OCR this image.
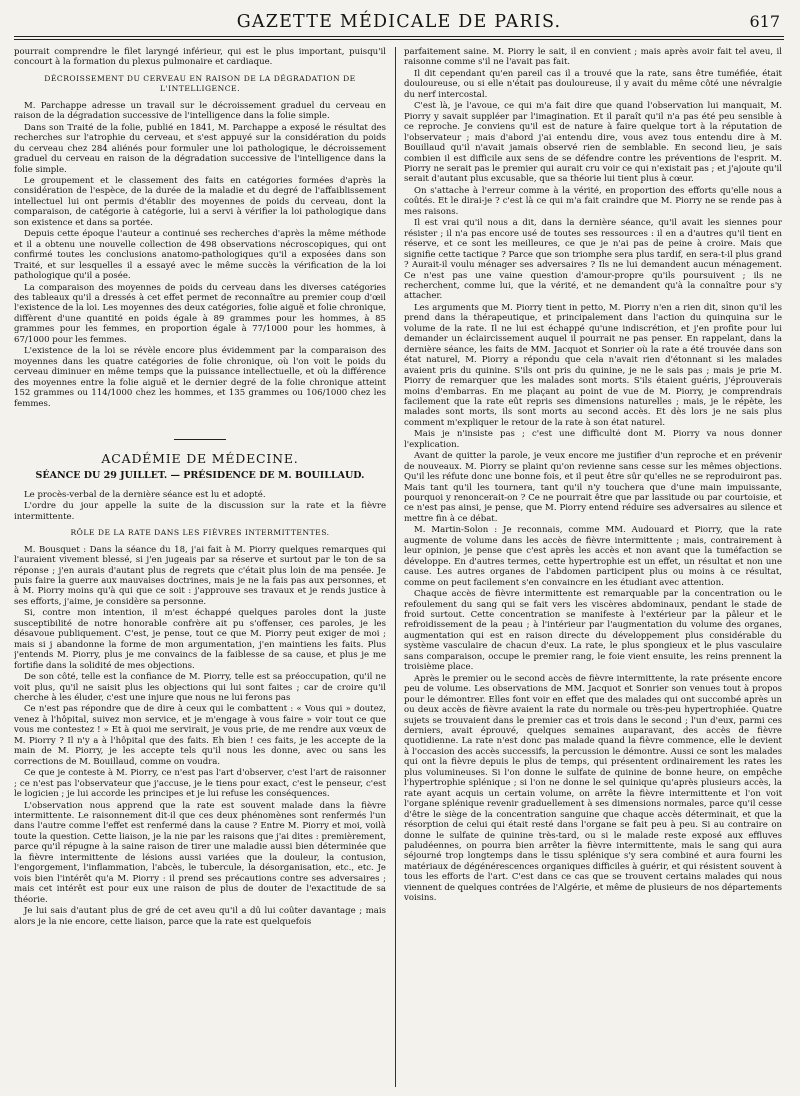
GAZETTE MÉDICALE DE PARIS.	617

pourrait comprendre le filet laryngé inférieur, qui est le plus important, puisqu'il concourt à la formation du plexus pulmonaire et cardiaque.

DÉCROISSEMENT DU CERVEAU EN RAISON DE LA DÉGRADATION DE L'INTELLIGENCE.

M. Parchappe adresse un travail sur le décroissement graduel du cerveau en raison de la dégradation successive de l'intelligence dans la folie simple.

Dans son Traité de la folie, publié en 1841, M. Parchappe a exposé le résultat des recherches sur l'atrophie du cerveau, et s'est appuyé sur la considération du poids du cerveau chez 284 aliénés pour formuler une loi pathologique, le décroissement graduel du cerveau en raison de la dégradation successive de l'intelligence dans la folie simple.

Le groupement et le classement des faits en catégories formées d'après la considération de l'espèce, de la durée de la maladie et du degré de l'affaiblissement intellectuel lui ont permis d'établir des moyennes de poids du cerveau, dont la comparaison, de catégorie à catégorie, lui a servi à vérifier la loi pathologique dans son existence et dans sa portée.

Depuis cette époque l'auteur a continué ses recherches d'après la même méthode et il a obtenu une nouvelle collection de 498 observations nécroscopiques, qui ont confirmé toutes les conclusions anatomo-pathologiques qu'il a exposées dans son Traité, et sur lesquelles il a essayé avec le même succès la vérification de la loi pathologique qu'il a posée.

La comparaison des moyennes de poids du cerveau dans les diverses catégories des tableaux qu'il a dressés à cet effet permet de reconnaître au premier coup d'œil l'existence de la loi. Les moyennes des deux catégories, folie aiguë et folie chronique, diffèrent d'une quantité en poids égale à 89 grammes pour les hommes, à 85 grammes pour les femmes, en proportion égale à 77/1000 pour les hommes, à 67/1000 pour les femmes.

L'existence de la loi se révèle encore plus évidemment par la comparaison des moyennes dans les quatre catégories de folie chronique, où l'on voit le poids du cerveau diminuer en même temps que la puissance intellectuelle, et où la différence des moyennes entre la folie aiguë et le dernier degré de la folie chronique atteint 152 grammes ou 114/1000 chez les hommes, et 135 grammes ou 106/1000 chez les femmes.

ACADÉMIE DE MÉDECINE.

SÉANCE DU 29 JUILLET. — PRÉSIDENCE DE M. BOUILLAUD.

Le procès-verbal de la dernière séance est lu et adopté.

L'ordre du jour appelle la suite de la discussion sur la rate et la fièvre intermittente.

RÔLE DE LA RATE DANS LES FIÈVRES INTERMITTENTES.

M. Bousquet : Dans la séance du 18, j'ai fait à M. Piorry quelques remarques qui l'auraient vivement blessé, si j'en jugeais par sa réserve et surtout par le ton de sa réponse ; j'en aurais d'autant plus de regrets que c'était plus loin de ma pensée. Je puis faire la guerre aux mauvaises doctrines, mais je ne la fais pas aux personnes, et à M. Piorry moins qu'à qui que ce soit : j'approuve ses travaux et je rends justice à ses efforts, j'aime, je considère sa personne.

Si, contre mon intention, il m'est échappé quelques paroles dont la juste susceptibilité de notre honorable confrère ait pu s'offenser, ces paroles, je les désavoue publiquement. C'est, je pense, tout ce que M. Piorry peut exiger de moi ; mais si j abandonne la forme de mon argumentation, j'en maintiens les faits. Plus j'entends M. Piorry, plus je me convaincs de la faiblesse de sa cause, et plus je me fortifie dans la solidité de mes objections.

De son côté, telle est la confiance de M. Piorry, telle est sa préoccupation, qu'il ne voit plus, qu'il ne saisit plus les objections qui lui sont faites ; car de croire qu'il cherche à les éluder, c'est une injure que nous ne lui ferons pas

Ce n'est pas répondre que de dire à ceux qui le combattent : « Vous qui » doutez, venez à l'hôpital, suivez mon service, et je m'engage à vous faire » voir tout ce que vous me contestez ! » Et à quoi me servirait, je vous prie, de me rendre aux vœux de M. Piorry ? Il n'y a à l'hôpital que des faits. Eh bien ! ces faits, je les accepte de la main de M. Piorry, je les accepte tels qu'il nous les donne, avec ou sans les corrections de M. Bouillaud, comme on voudra.

Ce que je conteste à M. Piorry, ce n'est pas l'art d'observer, c'est l'art de raisonner ; ce n'est pas l'observateur que j'accuse, je le tiens pour exact, c'est le penseur, c'est le logicien ; je lui accorde les principes et je lui refuse les conséquences.

L'observation nous apprend que la rate est souvent malade dans la fièvre intermittente. Le raisonnement dit-il que ces deux phénomènes sont renfermés l'un dans l'autre comme l'effet est renfermé dans la cause ? Entre M. Piorry et moi, voilà toute la question. Cette liaison, je la nie par les raisons que j'ai dites : premièrement, parce qu'il répugne à la saine raison de tirer une maladie aussi bien déterminée que la fièvre intermittente de lésions aussi variées que la douleur, la contusion, l'engorgement, l'inflammation, l'abcès, le tubercule, la désorganisation, etc., etc. Je vois bien l'intérêt qu'a M. Piorry : il prend ses précautions contre ses adversaires ; mais cet intérêt est pour eux une raison de plus de douter de l'exactitude de sa théorie.

Je lui sais d'autant plus de gré de cet aveu qu'il a dû lui coûter davantage ; mais alors je la nie encore, cette liaison, parce que la rate est quelquefois

parfaitement saine. M. Piorry le sait, il en convient ; mais après avoir fait tel aveu, il raisonne comme s'il ne l'avait pas fait.

Il dit cependant qu'en pareil cas il a trouvé que la rate, sans être tuméfiée, était douloureuse, ou si elle n'était pas douloureuse, il y avait du même côté une névralgie du nerf intercostal.

C'est là, je l'avoue, ce qui m'a fait dire que quand l'observation lui manquait, M. Piorry y savait suppléer par l'imagination. Et il paraît qu'il n'a pas été peu sensible à ce reproche. Je conviens qu'il est de nature à faire quelque tort à la réputation de l'observateur ; mais d'abord j'ai entendu dire, vous avez tous entendu dire à M. Bouillaud qu'il n'avait jamais observé rien de semblable. En second lieu, je sais combien il est difficile aux sens de se défendre contre les préventions de l'esprit. M. Piorry ne serait pas le premier qui aurait cru voir ce qui n'existait pas ; et j'ajoute qu'il serait d'autant plus excusable, que sa théorie lui tient plus à cœur.

On s'attache à l'erreur comme à la vérité, en proportion des efforts qu'elle nous a coûtés. Et le dirai-je ? c'est là ce qui m'a fait craindre que M. Piorry ne se rende pas à mes raisons.

Il est vrai qu'il nous a dit, dans la dernière séance, qu'il avait les siennes pour résister ; il n'a pas encore usé de toutes ses ressources : il en a d'autres qu'il tient en réserve, et ce sont les meilleures, ce que je n'ai pas de peine à croire. Mais que signifie cette tactique ? Parce que son triomphe sera plus tardif, en sera-t-il plus grand ? Aurait-il voulu ménager ses adversaires ? Ils ne lui demandent aucun ménagement. Ce n'est pas une vaine question d'amour-propre qu'ils poursuivent ; ils ne recherchent, comme lui, que la vérité, et ne demandent qu'à la connaître pour s'y attacher.

Les arguments que M. Piorry tient in petto, M. Piorry n'en a rien dit, sinon qu'il les prend dans la thérapeutique, et principalement dans l'action du quinquina sur le volume de la rate. Il ne lui est échappé qu'une indiscrétion, et j'en profite pour lui demander un éclaircissement auquel il pourrait ne pas penser. En rappelant, dans la dernière séance, les faits de MM. Jacquot et Sonrier où la rate a été trouvée dans son état naturel, M. Piorry a répondu que cela n'avait rien d'étonnant si les malades avaient pris du quinine. S'ils ont pris du quinine, je ne le sais pas ; mais je prie M. Piorry de remarquer que les malades sont morts. S'ils étaient guéris, j'éprouverais moins d'embarras. En me plaçant au point de vue de M. Piorry, je comprendrais facilement que la rate eût repris ses dimensions naturelles ; mais, je le répète, les malades sont morts, ils sont morts au second accès. Et dès lors je ne sais plus comment m'expliquer le retour de la rate à son état naturel.

Mais je n'insiste pas ; c'est une difficulté dont M. Piorry va nous donner l'explication.

Avant de quitter la parole, je veux encore me justifier d'un reproche et en prévenir de nouveaux. M. Piorry se plaint qu'on revienne sans cesse sur les mêmes objections. Qu'il les réfute donc une bonne fois, et il peut être sûr qu'elles ne se reproduiront pas. Mais tant qu'il les tournera, tant qu'il n'y touchera que d'une main impuissante, pourquoi y renoncerait-on ? Ce ne pourrait être que par lassitude ou par courtoisie, et ce n'est pas ainsi, je pense, que M. Piorry entend réduire ses adversaires au silence et mettre fin à ce débat.

M. Martin-Solon : Je reconnais, comme MM. Audouard et Piorry, que la rate augmente de volume dans les accès de fièvre intermittente ; mais, contrairement à leur opinion, je pense que c'est après les accès et non avant que la tuméfaction se développe. En d'autres termes, cette hypertrophie est un effet, un résultat et non une cause. Les autres organes de l'abdomen participent plus ou moins à ce résultat, comme on peut facilement s'en convaincre en les étudiant avec attention.

Chaque accès de fièvre intermittente est remarquable par la concentration ou le refoulement du sang qui se fait vers les viscères abdominaux, pendant le stade de froid surtout. Cette concentration se manifeste à l'extérieur par la pâleur et le refroidissement de la peau ; à l'intérieur par l'augmentation du volume des organes, augmentation qui est en raison directe du développement plus considérable du système vasculaire de chacun d'eux. La rate, le plus spongieux et le plus vasculaire sans comparaison, occupe le premier rang, le foie vient ensuite, les reins prennent la troisième place.

Après le premier ou le second accès de fièvre intermittente, la rate présente encore peu de volume. Les observations de MM. Jacquot et Sonrier son venues tout à propos pour le démontrer. Elles font voir en effet que des malades qui ont succombé après un ou deux accès de fièvre avaient la rate du normale ou très-peu hypertrophiée. Quatre sujets se trouvaient dans le premier cas et trois dans le second ; l'un d'eux, parmi ces derniers, avait éprouvé, quelques semaines auparavant, des accès de fièvre quotidienne. La rate n'est donc pas malade quand la fièvre commence, elle le devient à l'occasion des accès successifs, la percussion le démontre. Aussi ce sont les malades qui ont la fièvre depuis le plus de temps, qui présentent ordinairement les rates les plus volumineuses. Si l'on donne le sulfate de quinine de bonne heure, on empêche l'hypertrophie splénique ; si l'on ne donne le sel quinique qu'après plusieurs accès, la rate ayant acquis un certain volume, on arrête la fièvre intermittente et l'on voit l'organe splénique revenir graduellement à ses dimensions normales, parce qu'il cesse d'être le siège de la concentration sanguine que chaque accès déterminait, et que la résorption de celui qui était resté dans l'organe se fait peu à peu. Si au contraire on donne le sulfate de quinine très-tard, ou si le malade reste exposé aux effluves paludéennes, on pourra bien arrêter la fièvre intermittente, mais le sang qui aura séjourné trop longtemps dans le tissu splénique s'y sera combiné et aura fourni les matériaux de dégénérescences organiques difficiles à guérir, et qui résistent souvent à tous les efforts de l'art. C'est dans ce cas que se trouvent certains malades qui nous viennent de quelques contrées de l'Algérie, et même de plusieurs de nos départements voisins.
